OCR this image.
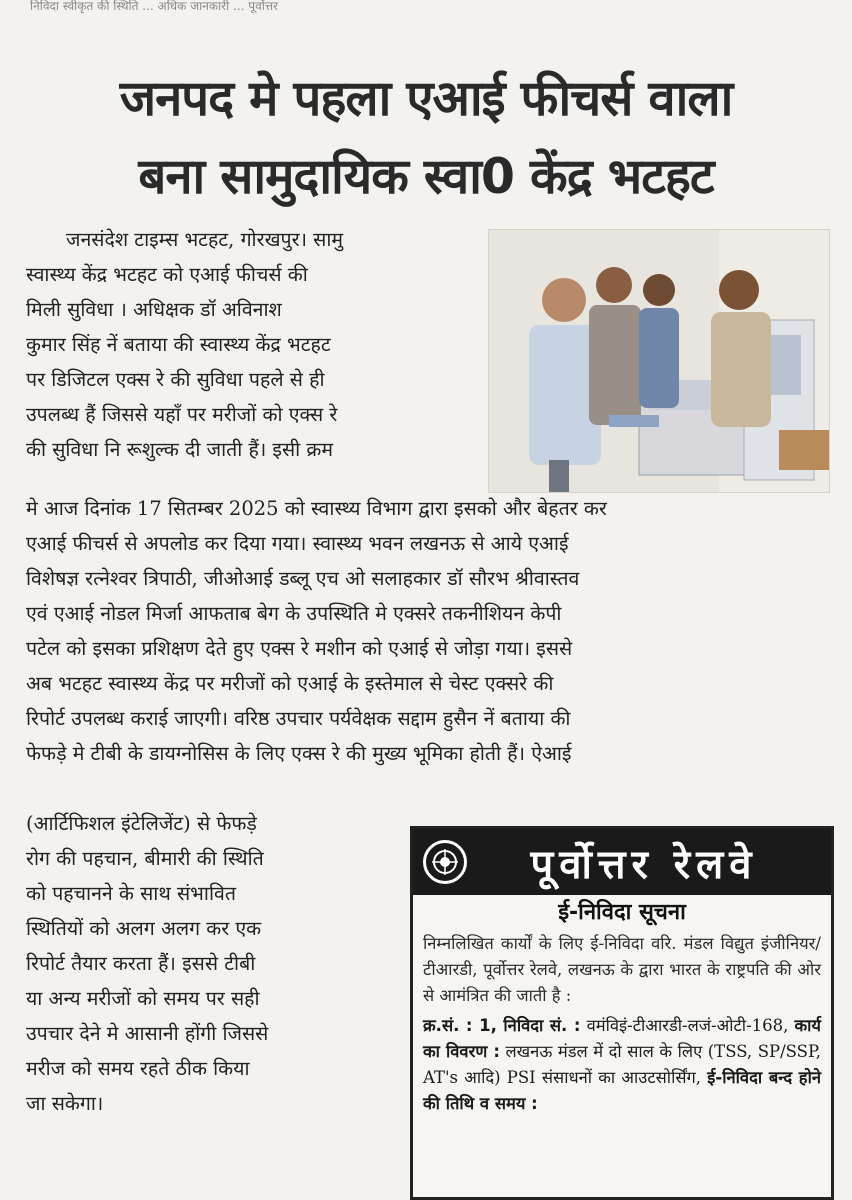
निविदा स्वीकृत की स्थिति ... अधिक जानकारी ... पूर्वोत्तर
जनपद मे पहला एआई फीचर्स वाला
बना सामुदायिक स्वा0 केंद्र भटहट
जनसंदेश टाइम्स भटहट, गोरखपुर। सामु
स्वास्थ्य केंद्र भटहट को एआई फीचर्स की
मिली सुविधा । अधिक्षक डॉ अविनाश
कुमार सिंह नें बताया की स्वास्थ्य केंद्र भटहट
पर डिजिटल एक्स रे की सुविधा पहले से ही
उपलब्ध हैं जिससे यहाँ पर मरीजों को एक्स रे
की सुविधा नि रूशुल्क दी जाती हैं। इसी क्रम
मे आज दिनांक 17 सितम्बर 2025 को स्वास्थ्य विभाग द्वारा इसको और बेहतर कर
एआई फीचर्स से अपलोड कर दिया गया। स्वास्थ्य भवन लखनऊ से आये एआई
विशेषज्ञ रत्नेश्वर त्रिपाठी, जीओआई डब्लू एच ओ सलाहकार डॉ सौरभ श्रीवास्तव
एवं एआई नोडल मिर्जा आफताब बेग के उपस्थिति मे एक्सरे तकनीशियन केपी
पटेल को इसका प्रशिक्षण देते हुए एक्स रे मशीन को एआई से जोड़ा गया। इससे
अब भटहट स्वास्थ्य केंद्र पर मरीजों को एआई के इस्तेमाल से चेस्ट एक्सरे की
रिपोर्ट उपलब्ध कराई जाएगी। वरिष्ठ उपचार पर्यवेक्षक सद्दाम हुसैन नें बताया की
फेफड़े मे टीबी के डायग्नोसिस के लिए एक्स रे की मुख्य भूमिका होती हैं। ऐआई
(आर्टिफिशल इंटेलिजेंट) से फेफड़े
रोग की पहचान, बीमारी की स्थिति
को पहचानने के साथ संभावित
स्थितियों को अलग अलग कर एक
रिपोर्ट तैयार करता हैं। इससे टीबी
या अन्य मरीजों को समय पर सही
उपचार देने मे आसानी होंगी जिससे
मरीज को समय रहते ठीक किया
जा सकेगा।
पूर्वोत्तर रेलवे
ई-निविदा सूचना
निम्नलिखित कार्यों के लिए ई-निविदा वरि. मंडल विद्युत इंजीनियर/टीआरडी, पूर्वोत्तर रेलवे, लखनऊ के द्वारा भारत के राष्ट्रपति की ओर से आमंत्रित की जाती है :
क्र.सं. : 1, निविदा सं. : वमंविइं-टीआरडी-लजं-ओटी-168, कार्य का विवरण : लखनऊ मंडल में दो साल के लिए (TSS, SP/SSP, AT's आदि) PSI संसाधनों का आउटसोर्सिंग, ई-निविदा बन्द होने की तिथि व समय :
